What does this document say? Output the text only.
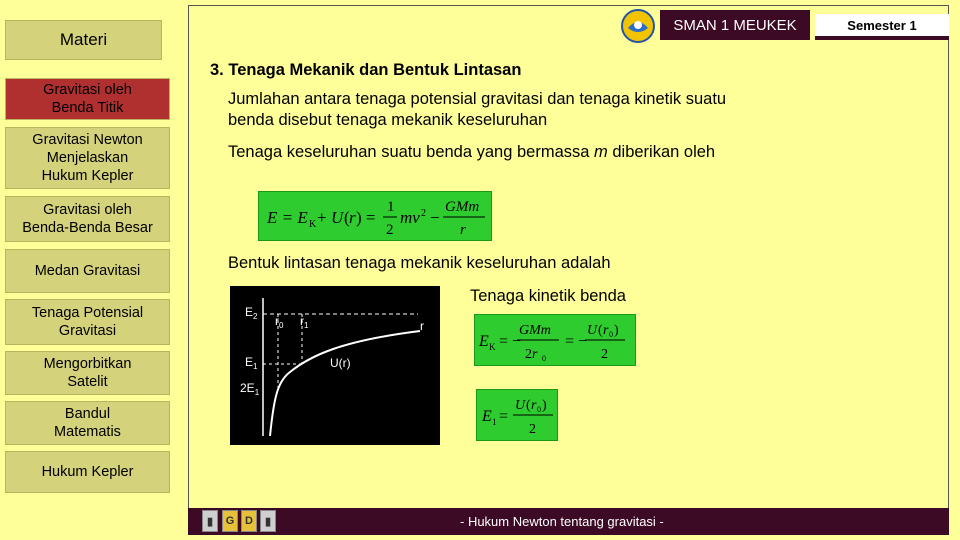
Materi
Gravitasi oleh
Benda Titik
Gravitasi Newton
Menjelaskan
Hukum Kepler
Gravitasi oleh
Benda-Benda Besar
Medan Gravitasi
Tenaga Potensial
Gravitasi
Mengorbitkan
Satelit
Bandul
Matematis
Hukum Kepler
SMAN 1 MEUKEK	Semester 1
3. Tenaga Mekanik dan Bentuk Lintasan
Jumlahan antara tenaga potensial gravitasi dan tenaga kinetik suatu benda disebut tenaga mekanik keseluruhan
Tenaga keseluruhan suatu benda yang bermassa m diberikan oleh
E = E K + U ( r ) =
1
2
mv 2 −
GMm
r
Bentuk lintasan tenaga mekanik keseluruhan adalah
Tenaga kinetik benda
$E_2$
$E_1$
$2E_1$
$r_0$ $r_1$	r
U(r)
E K = −
GMm
2r 0
= −
U ( r 0 )
2
E 1 =
U ( r 0 )
2
▮	G D	▮	- Hukum Newton tentang gravitasi -
